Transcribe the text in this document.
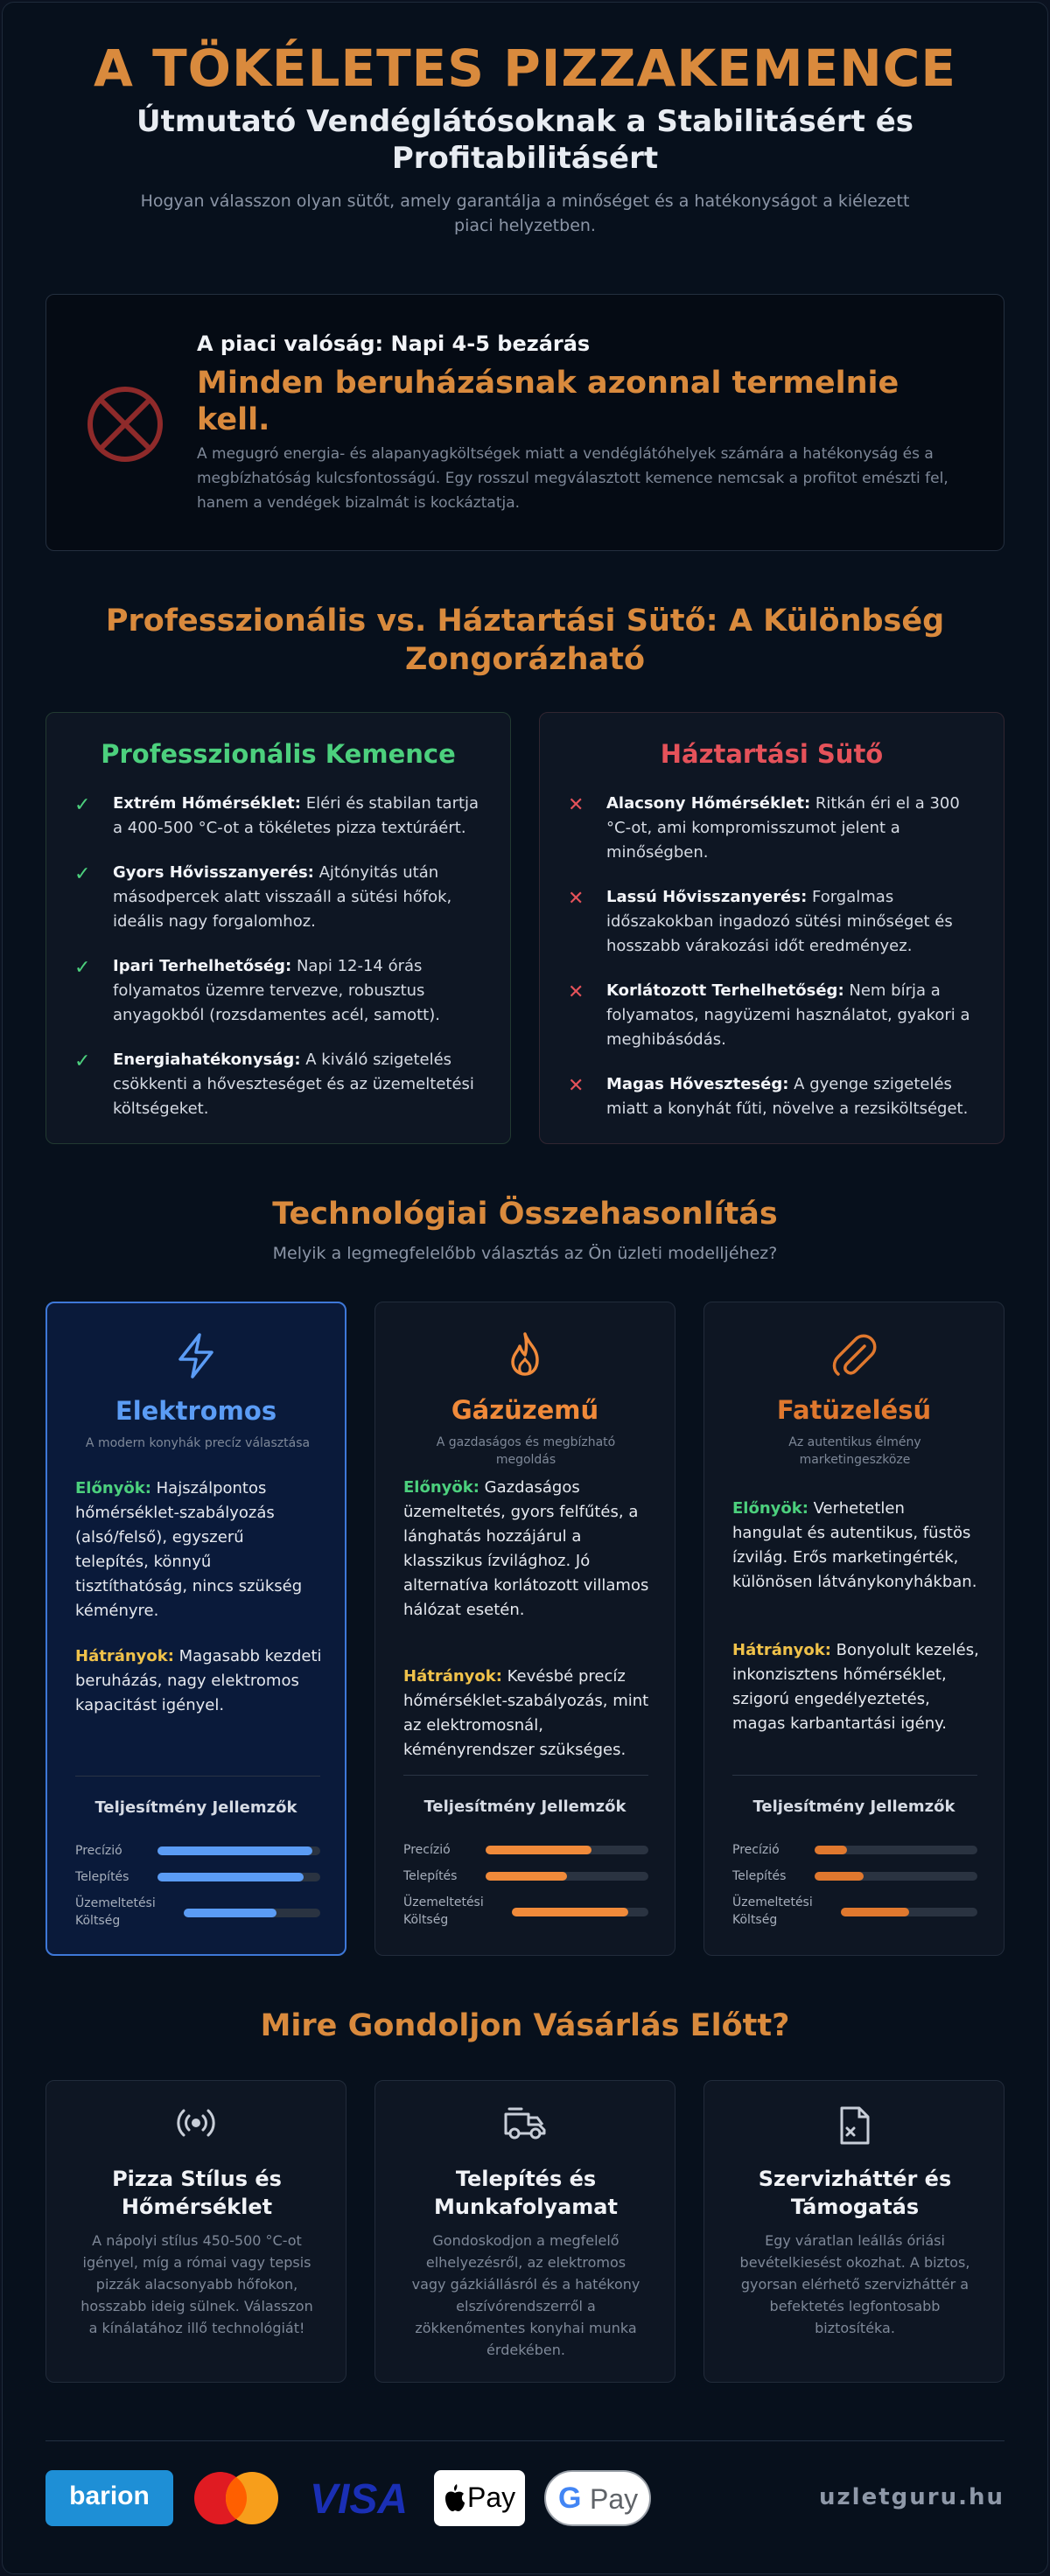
A TÖKÉLETES PIZZAKEMENCE
Útmutató Vendéglátósoknak a Stabilitásért és Profitabilitásért
Hogyan válasszon olyan sütőt, amely garantálja a minőséget és a hatékonyságot a kiélezett piaci helyzetben.
A piaci valóság: Napi 4-5 bezárás
Minden beruházásnak azonnal termelnie kell.
A megugró energia- és alapanyagköltségek miatt a vendéglátóhelyek számára a hatékonyság és a megbízhatóság kulcsfontosságú. Egy rosszul megválasztott kemence nemcsak a profitot emészti fel, hanem a vendégek bizalmát is kockáztatja.
Professzionális vs. Háztartási Sütő: A Különbség Zongorázható
Professzionális Kemence
✓ Extrém Hőmérséklet: Eléri és stabilan tartja a 400-500 °C-ot a tökéletes pizza textúráért.
✓ Gyors Hővisszanyerés: Ajtónyitás után másodpercek alatt visszaáll a sütési hőfok, ideális nagy forgalomhoz.
✓ Ipari Terhelhetőség: Napi 12-14 órás folyamatos üzemre tervezve, robusztus anyagokból (rozsdamentes acél, samott).
✓ Energiahatékonyság: A kiváló szigetelés csökkenti a hőveszteséget és az üzemeltetési költségeket.
Háztartási Sütő
✕ Alacsony Hőmérséklet: Ritkán éri el a 300 °C-ot, ami kompromisszumot jelent a minőségben.
✕ Lassú Hővisszanyerés: Forgalmas időszakokban ingadozó sütési minőséget és hosszabb várakozási időt eredményez.
✕ Korlátozott Terhelhetőség: Nem bírja a folyamatos, nagyüzemi használatot, gyakori a meghibásódás.
✕ Magas Hőveszteség: A gyenge szigetelés miatt a konyhát fűti, növelve a rezsiköltséget.
Technológiai Összehasonlítás
Melyik a legmegfelelőbb választás az Ön üzleti modelljéhez?
Elektromos
A modern konyhák precíz választása
Előnyök: Hajszálpontos hőmérséklet-szabályozás (alsó/felső), egyszerű telepítés, könnyű tisztíthatóság, nincs szükség kéményre.
Hátrányok: Magasabb kezdeti beruházás, nagy elektromos kapacitást igényel.
Teljesítmény Jellemzők
Precízió
Telepítés
Üzemeltetési Költség
Gázüzemű
A gazdaságos és megbízható megoldás
Előnyök: Gazdaságos üzemeltetés, gyors felfűtés, a lánghatás hozzájárul a klasszikus ízvilághoz. Jó alternatíva korlátozott villamos hálózat esetén.
Hátrányok: Kevésbé precíz hőmérséklet-szabályozás, mint az elektromosnál, kéményrendszer szükséges.
Teljesítmény Jellemzők
Precízió
Telepítés
Üzemeltetési Költség
Fatüzelésű
Az autentikus élmény marketingeszköze
Előnyök: Verhetetlen hangulat és autentikus, füstös ízvilág. Erős marketingérték, különösen látványkonyhákban.
Hátrányok: Bonyolult kezelés, inkonzisztens hőmérséklet, szigorú engedélyeztetés, magas karbantartási igény.
Teljesítmény Jellemzők
Precízió
Telepítés
Üzemeltetési Költség
Mire Gondoljon Vásárlás Előtt?
Pizza Stílus és Hőmérséklet
A nápolyi stílus 450-500 °C-ot igényel, míg a római vagy tepsis pizzák alacsonyabb hőfokon, hosszabb ideig sülnek. Válasszon a kínálatához illő technológiát!
Telepítés és Munkafolyamat
Gondoskodjon a megfelelő elhelyezésről, az elektromos vagy gázkiállásról és a hatékony elszívórendszerről a zökkenőmentes konyhai munka érdekében.
Szervizháttér és Támogatás
Egy váratlan leállás óriási bevételkiesést okozhat. A biztos, gyorsan elérhető szervizháttér a befektetés legfontosabb biztosítéka.
barion	VISA	Pay G Pay	uzletguru.hu
